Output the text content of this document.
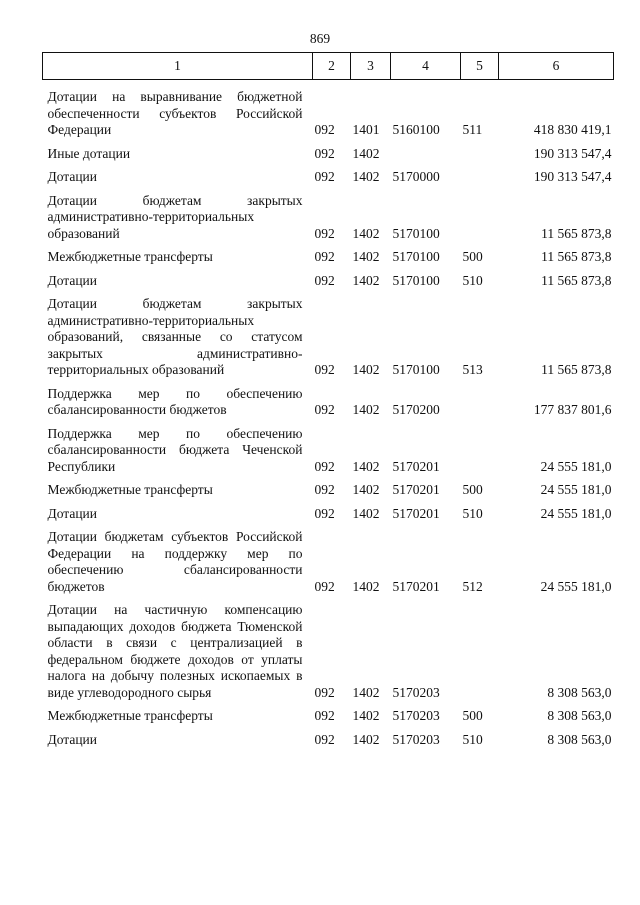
869
1	2	3	4	5	6
Дотации на выравнивание бюджетной обеспеченности субъектов Российской Федерации	092	1401	5160100	511	418 830 419,1
Иные дотации	092	1402			190 313 547,4
Дотации	092	1402	5170000		190 313 547,4
Дотации бюджетам закрытых административно-территориальных образований	092	1402	5170100		11 565 873,8
Межбюджетные трансферты	092	1402	5170100	500	11 565 873,8
Дотации	092	1402	5170100	510	11 565 873,8
Дотации бюджетам закрытых административно-территориальных образований, связанные со статусом закрытых административно-территориальных образований	092	1402	5170100	513	11 565 873,8
Поддержка мер по обеспечению сбалансированности бюджетов	092	1402	5170200		177 837 801,6
Поддержка мер по обеспечению сбалансированности бюджета Чеченской Республики	092	1402	5170201		24 555 181,0
Межбюджетные трансферты	092	1402	5170201	500	24 555 181,0
Дотации	092	1402	5170201	510	24 555 181,0
Дотации бюджетам субъектов Российской Федерации на поддержку мер по обеспечению сбалансированности бюджетов	092	1402	5170201	512	24 555 181,0
Дотации на частичную компенсацию выпадающих доходов бюджета Тюменской области в связи с централизацией в федеральном бюджете доходов от уплаты налога на добычу полезных ископаемых в виде углеводородного сырья	092	1402	5170203		8 308 563,0
Межбюджетные трансферты	092	1402	5170203	500	8 308 563,0
Дотации	092	1402	5170203	510	8 308 563,0
